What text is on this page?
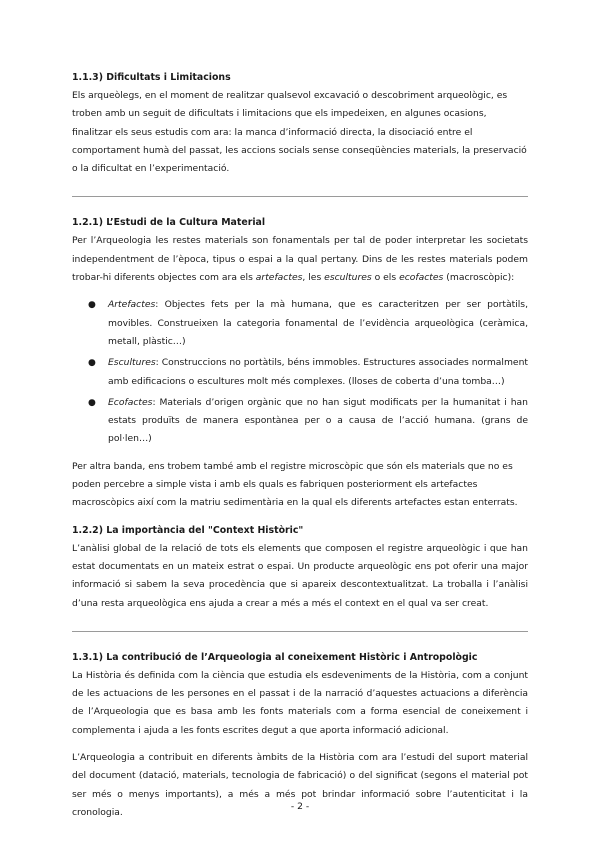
1.1.3) Dificultats i Limitacions

Els arqueòlegs, en el moment de realitzar qualsevol excavació o descobriment arqueològic, es troben amb un seguit de dificultats i limitacions que els impedeixen, en algunes ocasions, finalitzar els seus estudis com ara: la manca d’informació directa, la disociació entre el comportament humà del passat, les accions socials sense conseqüències materials, la preservació o la dificultat en l’experimentació.

1.2.1) L’Estudi de la Cultura Material

Per l’Arqueologia les restes materials son fonamentals per tal de poder interpretar les societats independentment de l’època, tipus o espai a la qual pertany. Dins de les restes materials podem trobar-hi diferents objectes com ara els artefactes, les escultures o els ecofactes (macroscòpic):

● Artefactes: Objectes fets per la mà humana, que es caracteritzen per ser portàtils, movibles. Construeixen la categoria fonamental de l’evidència arqueològica (ceràmica, metall, plàstic…)
● Escultures: Construccions no portàtils, béns immobles. Estructures associades normalment amb edificacions o escultures molt més complexes. (lloses de coberta d’una tomba…)
● Ecofactes: Materials d’origen orgànic que no han sigut modificats per la humanitat i han estats produïts de manera espontànea per o a causa de l’acció humana. (grans de pol·len…)

Per altra banda, ens trobem també amb el registre microscòpic que són els materials que no es poden percebre a simple vista i amb els quals es fabriquen posteriorment els artefactes macroscòpics així com la matriu sedimentària en la qual els diferents artefactes estan enterrats.

1.2.2) La importància del "Context Històric"

L’anàlisi global de la relació de tots els elements que composen el registre arqueològic i que han estat documentats en un mateix estrat o espai. Un producte arqueològic ens pot oferir una major informació si sabem la seva procedència que si apareix descontextualitzat. La troballa i l’anàlisi d’una resta arqueològica ens ajuda a crear a més a més el context en el qual va ser creat.

1.3.1) La contribució de l’Arqueologia al coneixement Històric i Antropològic

La Història és definida com la ciència que estudia els esdeveniments de la Història, com a conjunt de les actuacions de les persones en el passat i de la narració d’aquestes actuacions a diferència de l’Arqueologia que es basa amb les fonts materials com a forma esencial de coneixement i complementa i ajuda a les fonts escrites degut a que aporta informació adicional.

L’Arqueologia a contribuit en diferents àmbits de la Història com ara l’estudi del suport material del document (datació, materials, tecnologia de fabricació) o del significat (segons el material pot ser més o menys importants), a més a més pot brindar informació sobre l’autenticitat i la cronologia.

- 2 -
